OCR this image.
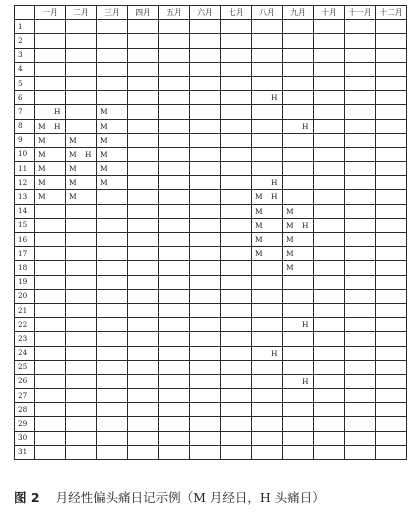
	一月	二月	三月	四月	五月	六月	七月	八月	九月	十月	十一月	十二月
1												
2												
3												
4												
5												
6								H				

7	H		M									

8	M H		M						H			

9	M	M	M									

10	M	M H	M									

11	M	M	M									

12	M	M	M					H				

13	M	M						M H				

14								M	M			

15								M	M H			

16								M	M			

17								M	M			

18									M			

19												
20												
21												
22									H			

23												
24								H				

25												
26									H			

27												
28												
29												
30												
31												
图 2 月经性偏头痛日记示例（M 月经日，H 头痛日）
